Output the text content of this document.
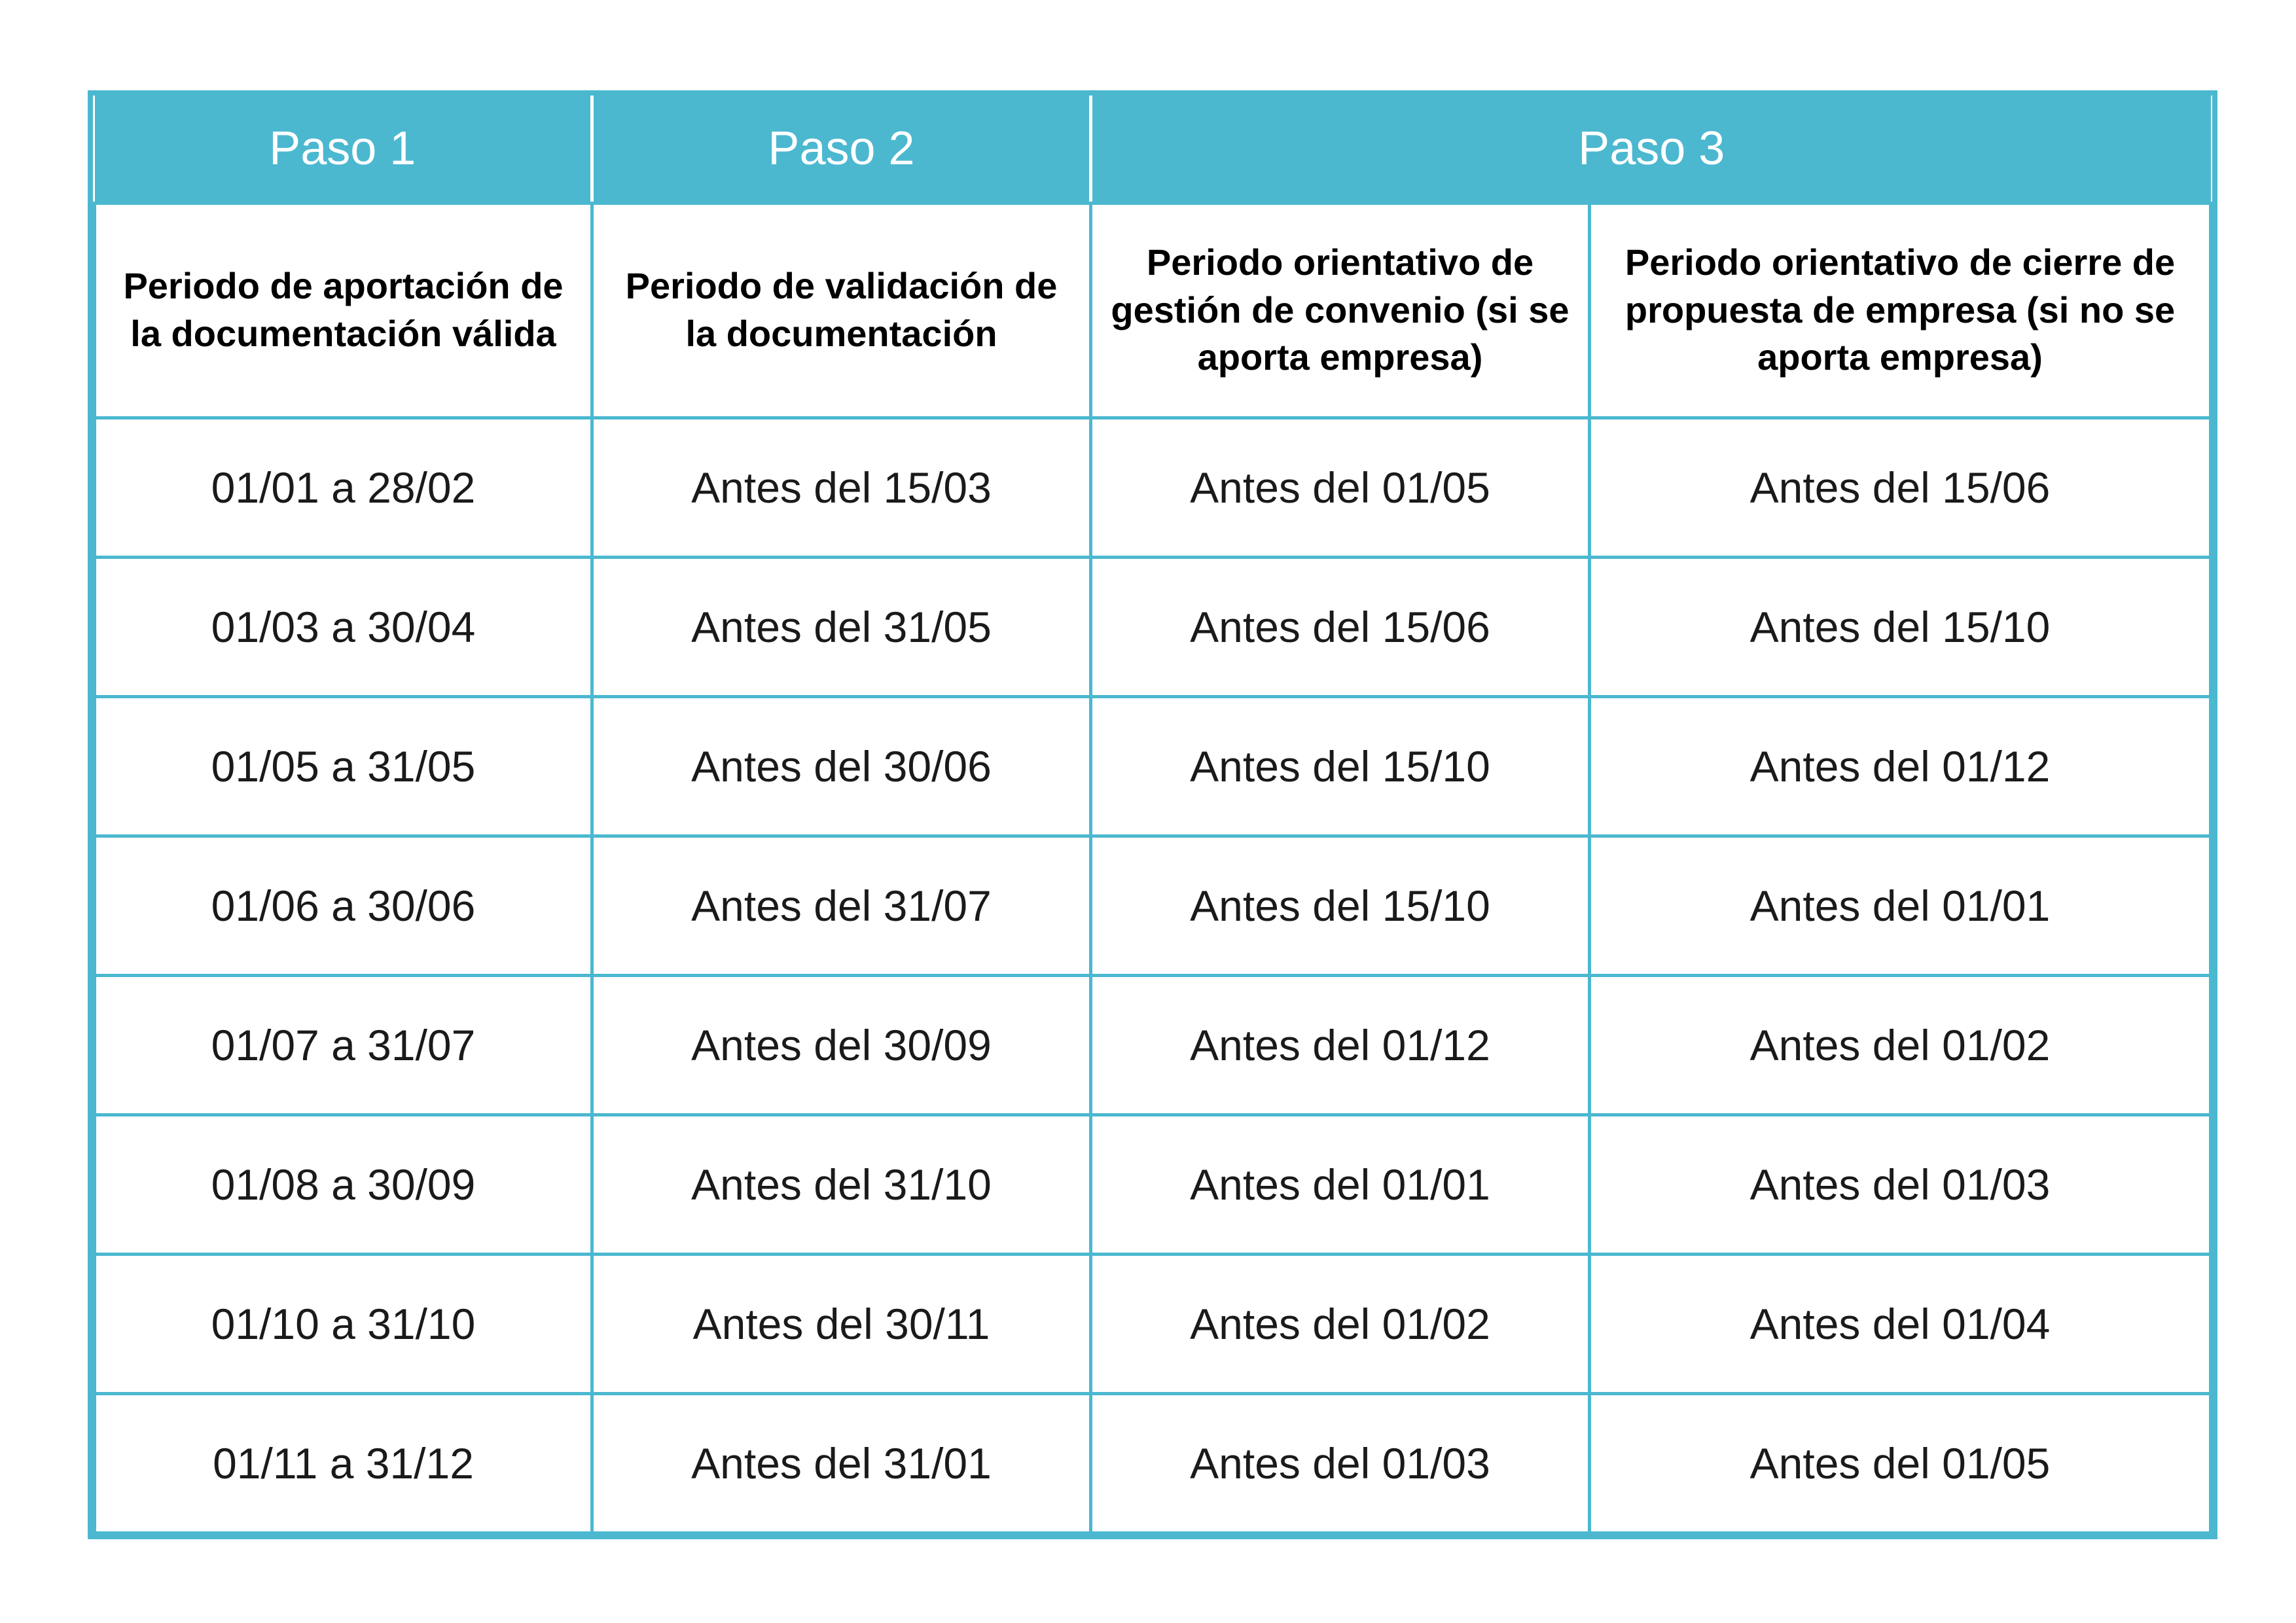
Paso 1	Paso 2	Paso 3	
Periodo de aportación de la documentación válida	Periodo de validación de la documentación	Periodo orientativo de gestión de convenio (si se aporta empresa)	Periodo orientativo de cierre de propuesta de empresa (si no se aporta empresa)
01/01 a 28/02	Antes del 15/03	Antes del 01/05	Antes del 15/06
01/03 a 30/04	Antes del 31/05	Antes del 15/06	Antes del 15/10
01/05 a 31/05	Antes del 30/06	Antes del 15/10	Antes del 01/12
01/06 a 30/06	Antes del 31/07	Antes del 15/10	Antes del 01/01
01/07 a 31/07	Antes del 30/09	Antes del 01/12	Antes del 01/02
01/08 a 30/09	Antes del 31/10	Antes del 01/01	Antes del 01/03
01/10 a 31/10	Antes del 30/11	Antes del 01/02	Antes del 01/04
01/11 a 31/12	Antes del 31/01	Antes del 01/03	Antes del 01/05
